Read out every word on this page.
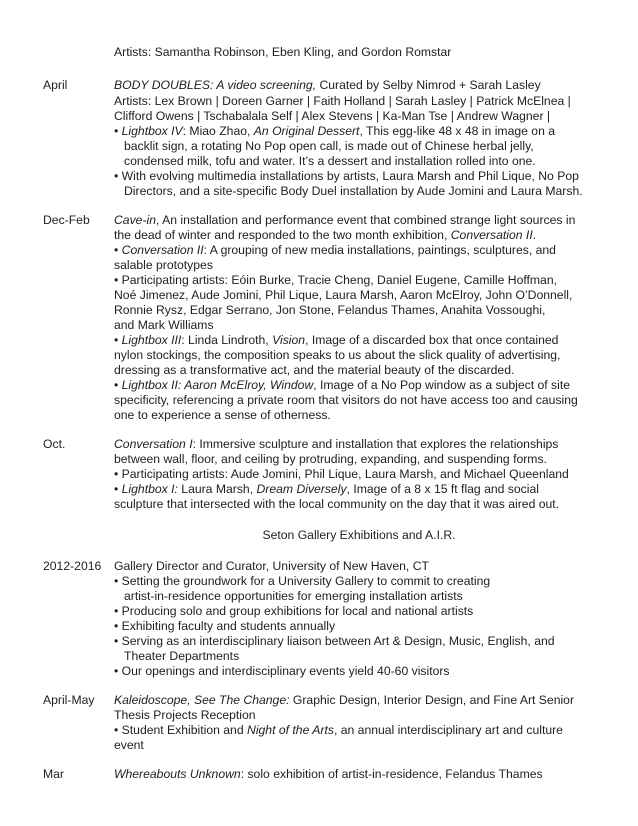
Artists: Samantha Robinson, Eben Kling, and Gordon Romstar
April	BODY DOUBLES: A video screening, Curated by Selby Nimrod + Sarah Lasley
Artists: Lex Brown | Doreen Garner | Faith Holland | Sarah Lasley | Patrick McElnea |
Clifford Owens | Tschabalala Self | Alex Stevens | Ka-Man Tse | Andrew Wagner |
• Lightbox IV: Miao Zhao, An Original Dessert, This egg-like 48 x 48 in image on a
backlit sign, a rotating No Pop open call, is made out of Chinese herbal jelly,
condensed milk, tofu and water. It’s a dessert and installation rolled into one.
• With evolving multimedia installations by artists, Laura Marsh and Phil Lique, No Pop
Directors, and a site-specific Body Duel installation by Aude Jomini and Laura Marsh.
Dec-Feb Cave-in, An installation and performance event that combined strange light sources in
the dead of winter and responded to the two month exhibition, Conversation II.
• Conversation II: A grouping of new media installations, paintings, sculptures, and
salable prototypes
• Participating artists: Eóin Burke, Tracie Cheng, Daniel Eugene, Camille Hoffman,
Noé Jimenez, Aude Jomini, Phil Lique, Laura Marsh, Aaron McElroy, John O’Donnell,
Ronnie Rysz, Edgar Serrano, Jon Stone, Felandus Thames, Anahita Vossoughi,
and Mark Williams
• Lightbox III: Linda Lindroth, Vision, Image of a discarded box that once contained
nylon stockings, the composition speaks to us about the slick quality of advertising,
dressing as a transformative act, and the material beauty of the discarded.
• Lightbox II: Aaron McElroy, Window, Image of a No Pop window as a subject of site
specificity, referencing a private room that visitors do not have access too and causing
one to experience a sense of otherness.
Oct.	Conversation I: Immersive sculpture and installation that explores the relationships
between wall, floor, and ceiling by protruding, expanding, and suspending forms.
• Participating artists: Aude Jomini, Phil Lique, Laura Marsh, and Michael Queenland
• Lightbox I: Laura Marsh, Dream Diversely, Image of a 8 x 15 ft flag and social
sculpture that intersected with the local community on the day that it was aired out.
Seton Gallery Exhibitions and A.I.R.
2012-2016 Gallery Director and Curator, University of New Haven, CT
• Setting the groundwork for a University Gallery to commit to creating
artist-in-residence opportunities for emerging installation artists
• Producing solo and group exhibitions for local and national artists
• Exhibiting faculty and students annually
• Serving as an interdisciplinary liaison between Art & Design, Music, English, and
Theater Departments
• Our openings and interdisciplinary events yield 40-60 visitors
April-May Kaleidoscope, See The Change: Graphic Design, Interior Design, and Fine Art Senior
Thesis Projects Reception
• Student Exhibition and Night of the Arts, an annual interdisciplinary art and culture
event
Mar	Whereabouts Unknown: solo exhibition of artist-in-residence, Felandus Thames
